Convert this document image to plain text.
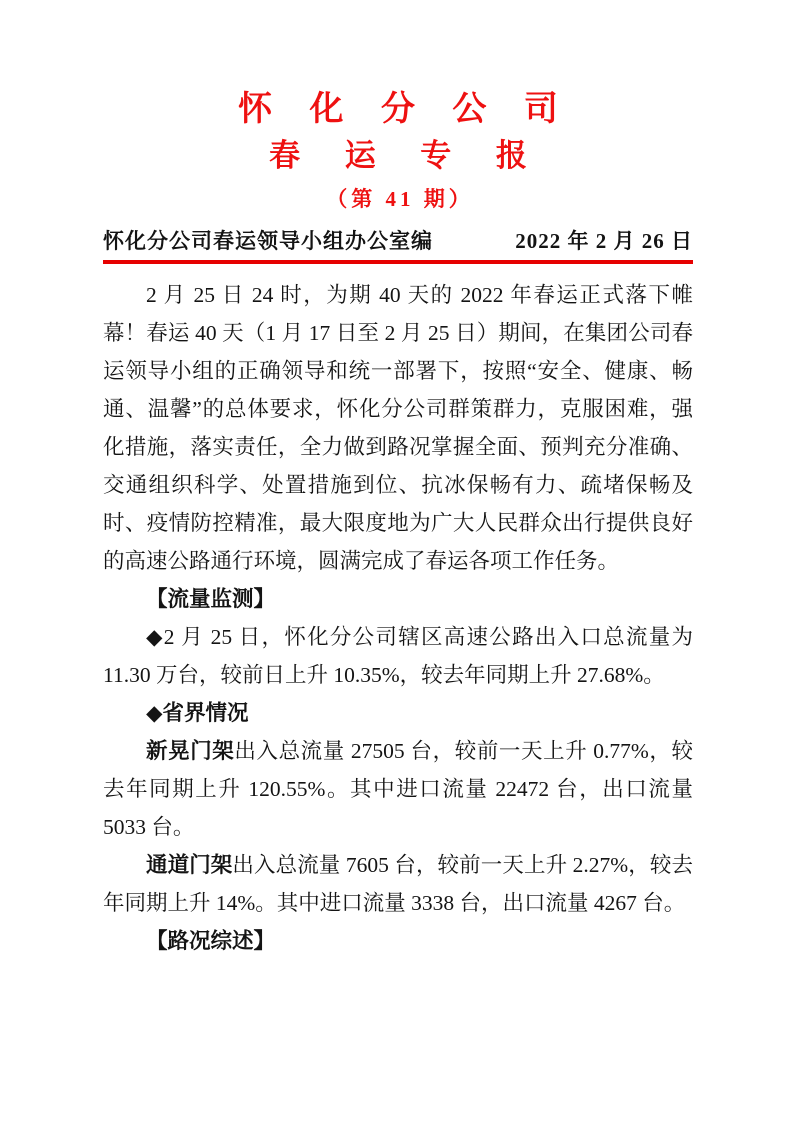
怀 化 分 公 司
春 运 专 报
（第 41 期）
怀化分公司春运领导小组办公室编	2022 年 2 月 26 日

2 月 25 日 24 时，为期 40 天的 2022 年春运正式落下帷幕！春运 40 天（1 月 17 日至 2 月 25 日）期间，在集团公司春运领导小组的正确领导和统一部署下，按照“安全、健康、畅通、温馨”的总体要求，怀化分公司群策群力，克服困难，强化措施，落实责任，全力做到路况掌握全面、预判充分准确、交通组织科学、处置措施到位、抗冰保畅有力、疏堵保畅及时、疫情防控精准，最大限度地为广大人民群众出行提供良好的高速公路通行环境，圆满完成了春运各项工作任务。

【流量监测】

◆2 月 25 日，怀化分公司辖区高速公路出入口总流量为 11.30 万台，较前日上升 10.35%，较去年同期上升 27.68%。

◆省界情况

新晃门架出入总流量 27505 台，较前一天上升 0.77%，较去年同期上升 120.55%。其中进口流量 22472 台，出口流量 5033 台。

通道门架出入总流量 7605 台，较前一天上升 2.27%，较去年同期上升 14%。其中进口流量 3338 台，出口流量 4267 台。

【路况综述】
